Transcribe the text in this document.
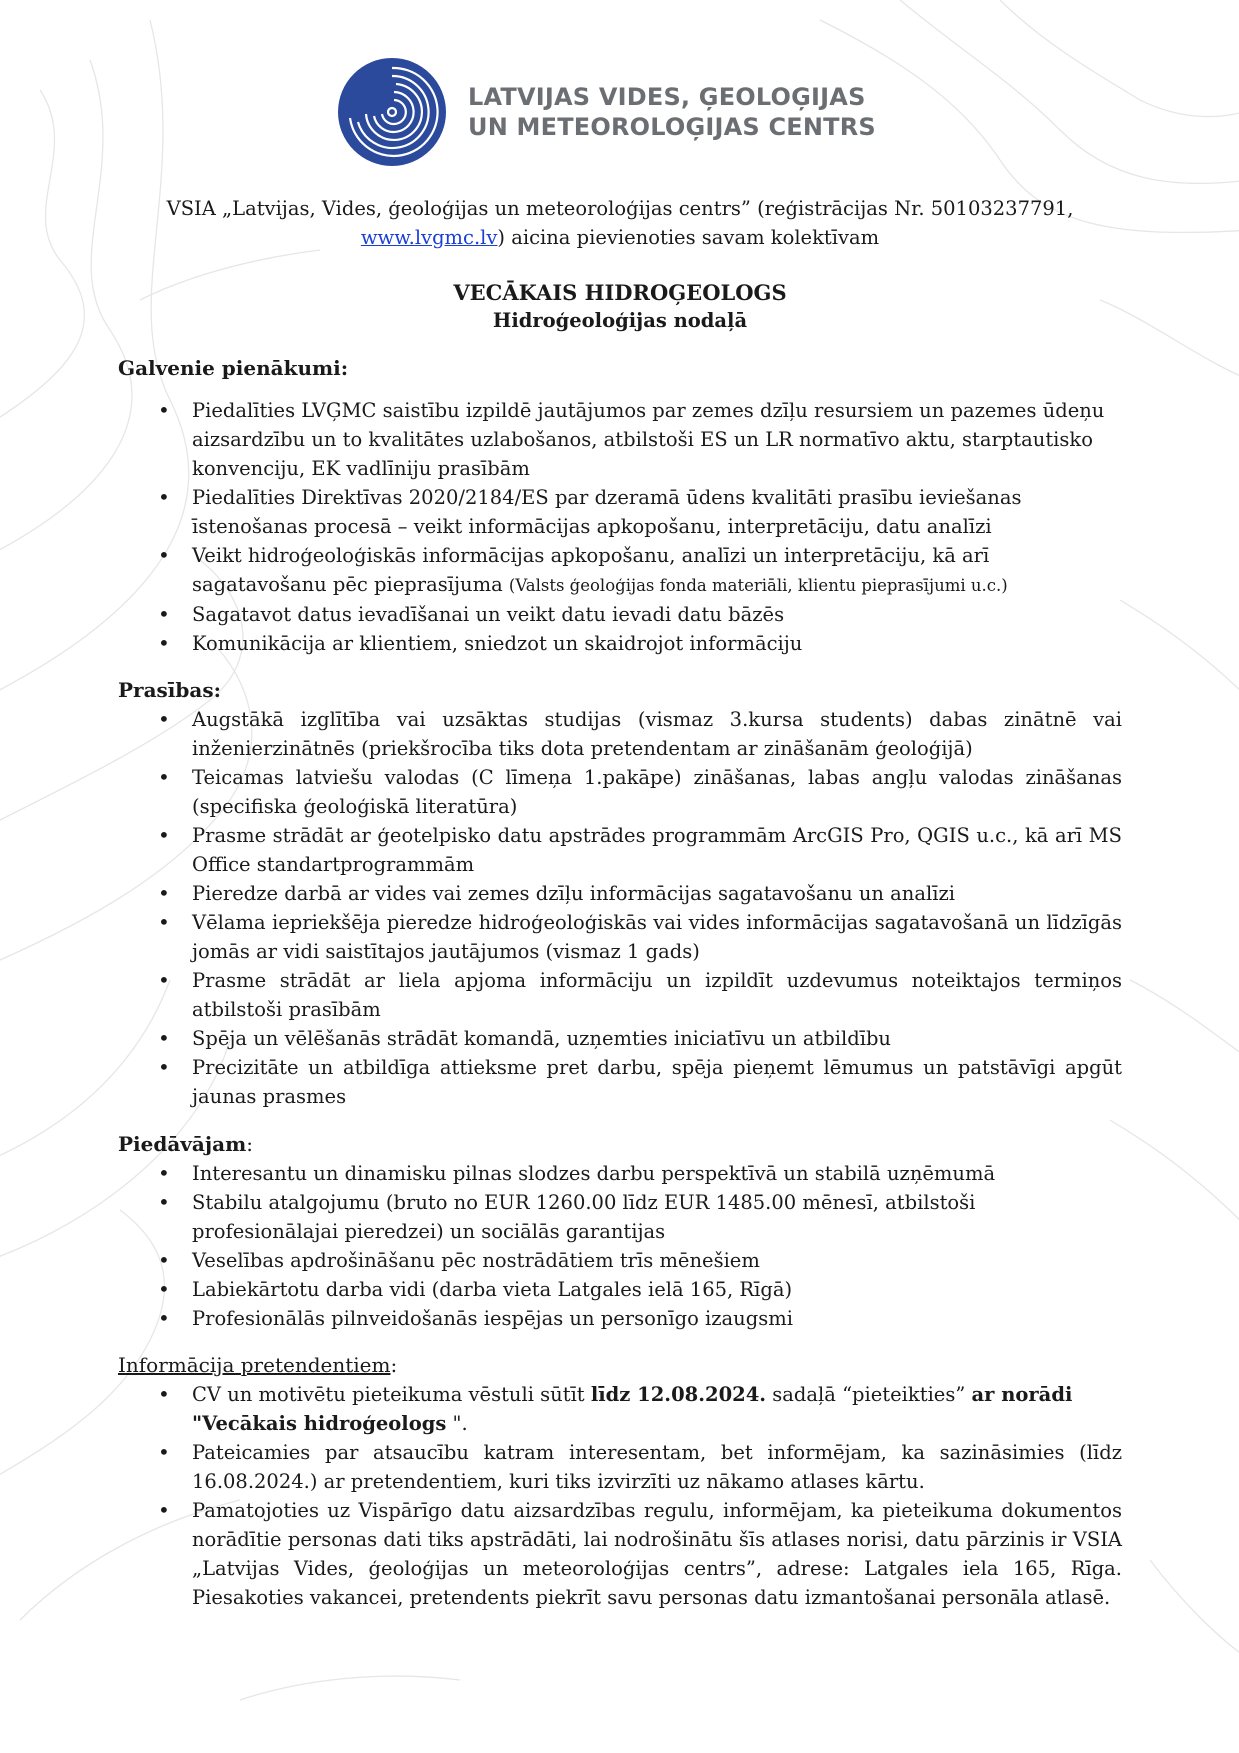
LATVIJAS VIDES, ĢEOLOĢIJAS
UN METEOROLOĢIJAS CENTRS
VSIA „Latvijas, Vides, ģeoloģijas un meteoroloģijas centrs” (reģistrācijas Nr. 50103237791,
www.lvgmc.lv) aicina pievienoties savam kolektīvam
VECĀKAIS HIDROĢEOLOGS
Hidroģeoloģijas nodaļā
Galvenie pienākumi:
• Piedalīties LVĢMC saistību izpildē jautājumos par zemes dzīļu resursiem un pazemes ūdeņu aizsardzību un to kvalitātes uzlabošanos, atbilstoši ES un LR normatīvo aktu, starptautisko konvenciju, EK vadlīniju prasībām
• Piedalīties Direktīvas 2020/2184/ES par dzeramā ūdens kvalitāti prasību ieviešanas īstenošanas procesā – veikt informācijas apkopošanu, interpretāciju, datu analīzi
• Veikt hidroģeoloģiskās informācijas apkopošanu, analīzi un interpretāciju, kā arī sagatavošanu pēc pieprasījuma (Valsts ģeoloģijas fonda materiāli, klientu pieprasījumi u.c.)
• Sagatavot datus ievadīšanai un veikt datu ievadi datu bāzēs
• Komunikācija ar klientiem, sniedzot un skaidrojot informāciju
Prasības:
• Augstākā izglītība vai uzsāktas studijas (vismaz 3.kursa students) dabas zinātnē vai inženierzinātnēs (priekšrocība tiks dota pretendentam ar zināšanām ģeoloģijā)
• Teicamas latviešu valodas (C līmeņa 1.pakāpe) zināšanas, labas angļu valodas zināšanas (specifiska ģeoloģiskā literatūra)
• Prasme strādāt ar ģeotelpisko datu apstrādes programmām ArcGIS Pro, QGIS u.c., kā arī MS Office standartprogrammām
• Pieredze darbā ar vides vai zemes dzīļu informācijas sagatavošanu un analīzi
• Vēlama iepriekšēja pieredze hidroģeoloģiskās vai vides informācijas sagatavošanā un līdzīgās jomās ar vidi saistītajos jautājumos (vismaz 1 gads)
• Prasme strādāt ar liela apjoma informāciju un izpildīt uzdevumus noteiktajos termiņos atbilstoši prasībām
• Spēja un vēlēšanās strādāt komandā, uzņemties iniciatīvu un atbildību
• Precizitāte un atbildīga attieksme pret darbu, spēja pieņemt lēmumus un patstāvīgi apgūt jaunas prasmes
Piedāvājam:
• Interesantu un dinamisku pilnas slodzes darbu perspektīvā un stabilā uzņēmumā
• Stabilu atalgojumu (bruto no EUR 1260.00 līdz EUR 1485.00 mēnesī, atbilstoši profesionālajai pieredzei) un sociālās garantijas
• Veselības apdrošināšanu pēc nostrādātiem trīs mēnešiem
• Labiekārtotu darba vidi (darba vieta Latgales ielā 165, Rīgā)
• Profesionālās pilnveidošanās iespējas un personīgo izaugsmi
Informācija pretendentiem:
• CV un motivētu pieteikuma vēstuli sūtīt līdz 12.08.2024. sadaļā “pieteikties” ar norādi
"Vecākais hidroģeologs ".
• Pateicamies par atsaucību katram interesentam, bet informējam, ka sazināsimies (līdz 16.08.2024.) ar pretendentiem, kuri tiks izvirzīti uz nākamo atlases kārtu.
• Pamatojoties uz Vispārīgo datu aizsardzības regulu, informējam, ka pieteikuma dokumentos norādītie personas dati tiks apstrādāti, lai nodrošinātu šīs atlases norisi, datu pārzinis ir VSIA „Latvijas Vides, ģeoloģijas un meteoroloģijas centrs”, adrese: Latgales iela 165, Rīga. Piesakoties vakancei, pretendents piekrīt savu personas datu izmantošanai personāla atlasē.
